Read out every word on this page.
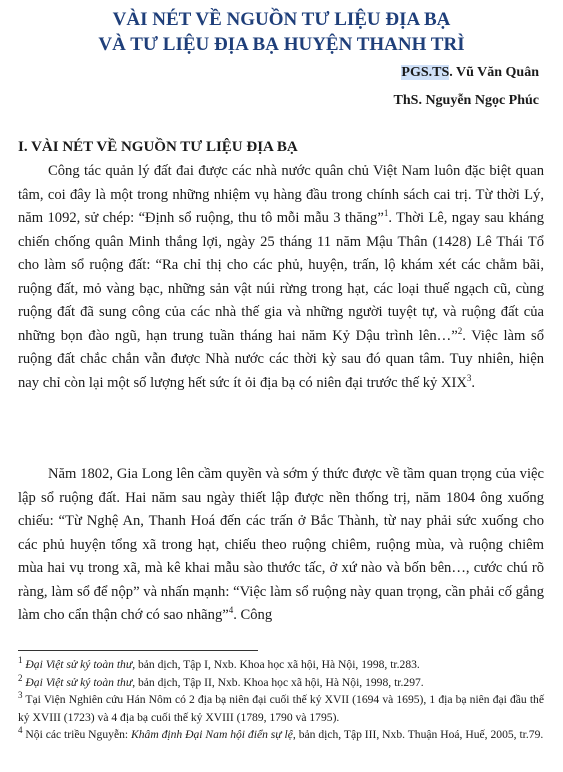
VÀI NÉT VỀ NGUỒN TƯ LIỆU ĐỊA BẠ
VÀ TƯ LIỆU ĐỊA BẠ HUYỆN THANH TRÌ
PGS.TS. Vũ Văn Quân
ThS. Nguyễn Ngọc Phúc
I. VÀI NÉT VỀ NGUỒN TƯ LIỆU ĐỊA BẠ

Công tác quản lý đất đai được các nhà nước quân chủ Việt Nam luôn đặc biệt quan tâm, coi đây là một trong những nhiệm vụ hàng đầu trong chính sách cai trị. Từ thời Lý, năm 1092, sử chép: “Định sổ ruộng, thu tô mỗi mẫu 3 thăng”$^1$. Thời Lê, ngay sau kháng chiến chống quân Minh thắng lợi, ngày 25 tháng 11 năm Mậu Thân (1428) Lê Thái Tổ cho làm sổ ruộng đất: “Ra chỉ thị cho các phủ, huyện, trấn, lộ khám xét các chằm bãi, ruộng đất, mỏ vàng bạc, những sản vật núi rừng trong hạt, các loại thuế ngạch cũ, cùng ruộng đất đã sung công của các nhà thế gia và những người tuyệt tự, và ruộng đất của những bọn đào ngũ, hạn trung tuần tháng hai năm Kỷ Dậu trình lên…”$^2$. Việc làm sổ ruộng đất chắc chắn vẫn được Nhà nước các thời kỳ sau đó quan tâm. Tuy nhiên, hiện nay chỉ còn lại một số lượng hết sức ít ỏi địa bạ có niên đại trước thế kỷ XIX$^3$.

Năm 1802, Gia Long lên cầm quyền và sớm ý thức được về tầm quan trọng của việc lập sổ ruộng đất. Hai năm sau ngày thiết lập được nền thống trị, năm 1804 ông xuống chiếu: “Từ Nghệ An, Thanh Hoá đến các trấn ở Bắc Thành, từ nay phải sức xuống cho các phủ huyện tổng xã trong hạt, chiếu theo ruộng chiêm, ruộng mùa, và ruộng chiêm mùa hai vụ trong xã, mà kê khai mẫu sào thước tấc, ở xứ nào và bốn bên…, cước chú rõ ràng, làm sổ để nộp” và nhấn mạnh: “Việc làm sổ ruộng này quan trọng, cần phải cố gắng làm cho cẩn thận chớ có sao nhãng”$^4$. Công

$^1$ Đại Việt sử ký toàn thư, bản dịch, Tập I, Nxb. Khoa học xã hội, Hà Nội, 1998, tr.283.

$^2$ Đại Việt sử ký toàn thư, bản dịch, Tập II, Nxb. Khoa học xã hội, Hà Nội, 1998, tr.297.

$^3$ Tại Viện Nghiên cứu Hán Nôm có 2 địa bạ niên đại cuối thế kỷ XVII (1694 và 1695), 1 địa bạ niên đại đầu thế kỷ XVIII (1723) và 4 địa bạ cuối thế kỷ XVIII (1789, 1790 và 1795).

$^4$ Nội các triều Nguyễn: Khâm định Đại Nam hội điển sự lệ, bản dịch, Tập III, Nxb. Thuận Hoá, Huế, 2005, tr.79.
